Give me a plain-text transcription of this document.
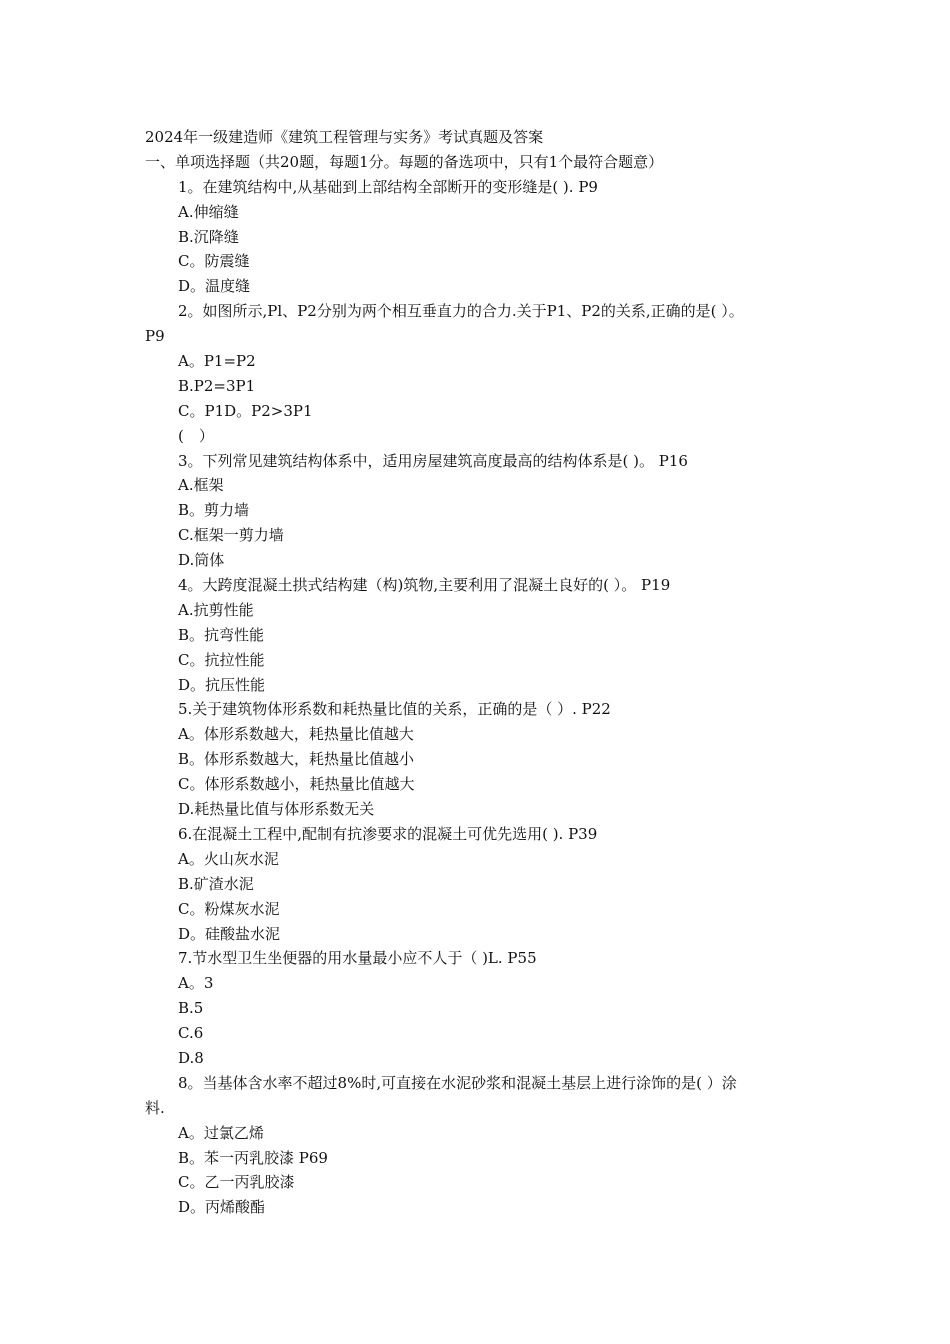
2024年一级建造师《建筑工程管理与实务》考试真题及答案
一、单项选择题（共20题，每题1分。每题的备选项中，只有1个最符合题意）
1。在建筑结构中,从基础到上部结构全部断开的变形缝是( ). P9
A.伸缩缝
B.沉降缝
C。防震缝
D。温度缝
2。如图所示,Pl、P2分别为两个相互垂直力的合力.关于P1、P2的关系,正确的是( ）。
P9
A。P1=P2
B.P2=3P1
C。P1D。P2>3P1
(　）
3。下列常见建筑结构体系中，适用房屋建筑高度最高的结构体系是( )。 P16
A.框架
B。剪力墙
C.框架一剪力墙
D.筒体
4。大跨度混凝土拱式结构建（构)筑物,主要利用了混凝土良好的( ）。 P19
A.抗剪性能
B。抗弯性能
C。抗拉性能
D。抗压性能
5.关于建筑物体形系数和耗热量比值的关系，正确的是（ ）. P22
A。体形系数越大，耗热量比值越大
B。体形系数越大，耗热量比值越小
C。体形系数越小，耗热量比值越大
D.耗热量比值与体形系数无关
6.在混凝土工程中,配制有抗渗要求的混凝土可优先选用( ). P39
A。火山灰水泥
B.矿渣水泥
C。粉煤灰水泥
D。硅酸盐水泥
7.节水型卫生坐便器的用水量最小应不人于（ )L. P55
A。3
B.5
C.6
D.8
8。当基体含水率不超过8%时,可直接在水泥砂浆和混凝土基层上进行涂饰的是( ）涂
料.
A。过氯乙烯
B。苯一丙乳胶漆 P69
C。乙一丙乳胶漆
D。丙烯酸酯
